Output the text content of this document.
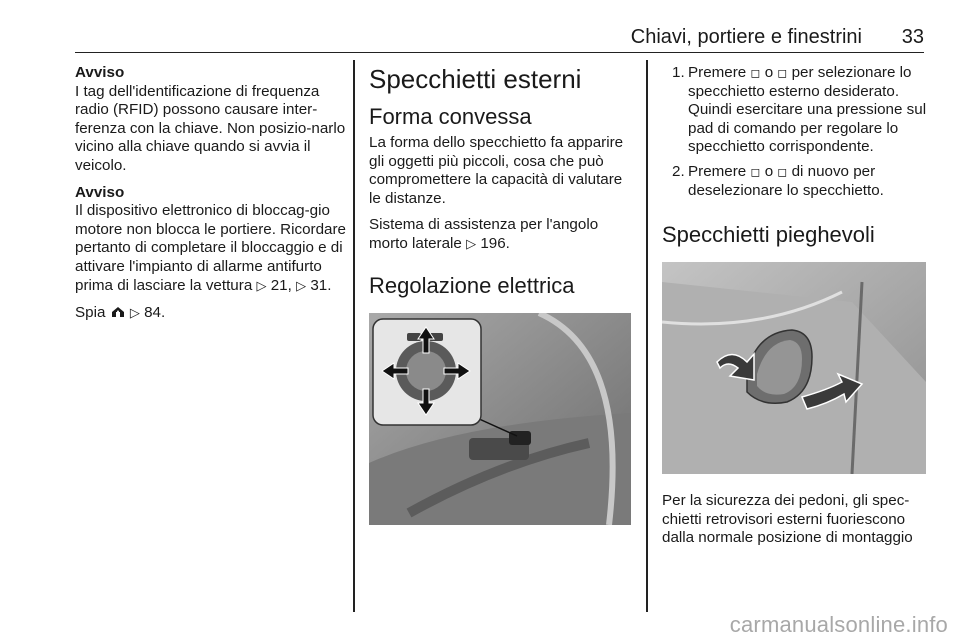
Chiavi, portiere e finestrini 33
Avviso
I tag dell'identificazione di frequenza radio (RFID) possono causare inter-ferenza con la chiave. Non posizio-narlo vicino alla chiave quando si avvia il veicolo.
Avviso
Il dispositivo elettronico di bloccag-gio motore non blocca le portiere. Ricordare pertanto di completare il bloccaggio e di attivare l'impianto di allarme antifurto prima di lasciare la vettura ▷ 21, ▷ 31.
Spia ▷ 84.
Specchietti esterni
Forma convessa

La forma dello specchietto fa apparire gli oggetti più piccoli, cosa che può compromettere la capacità di valutare le distanze.

Sistema di assistenza per l'angolo morto laterale ▷ 196.

Regolazione elettrica
1. Premere ◻ o ◻ per selezionare lo specchietto esterno desiderato. Quindi esercitare una pressione sul pad di comando per regolare lo specchietto corrispondente.
2. Premere ◻ o ◻ di nuovo per deselezionare lo specchietto.
Specchietti pieghevoli

Per la sicurezza dei pedoni, gli spec-chietti retrovisori esterni fuoriescono dalla normale posizione di montaggio

carmanualsonline.info
